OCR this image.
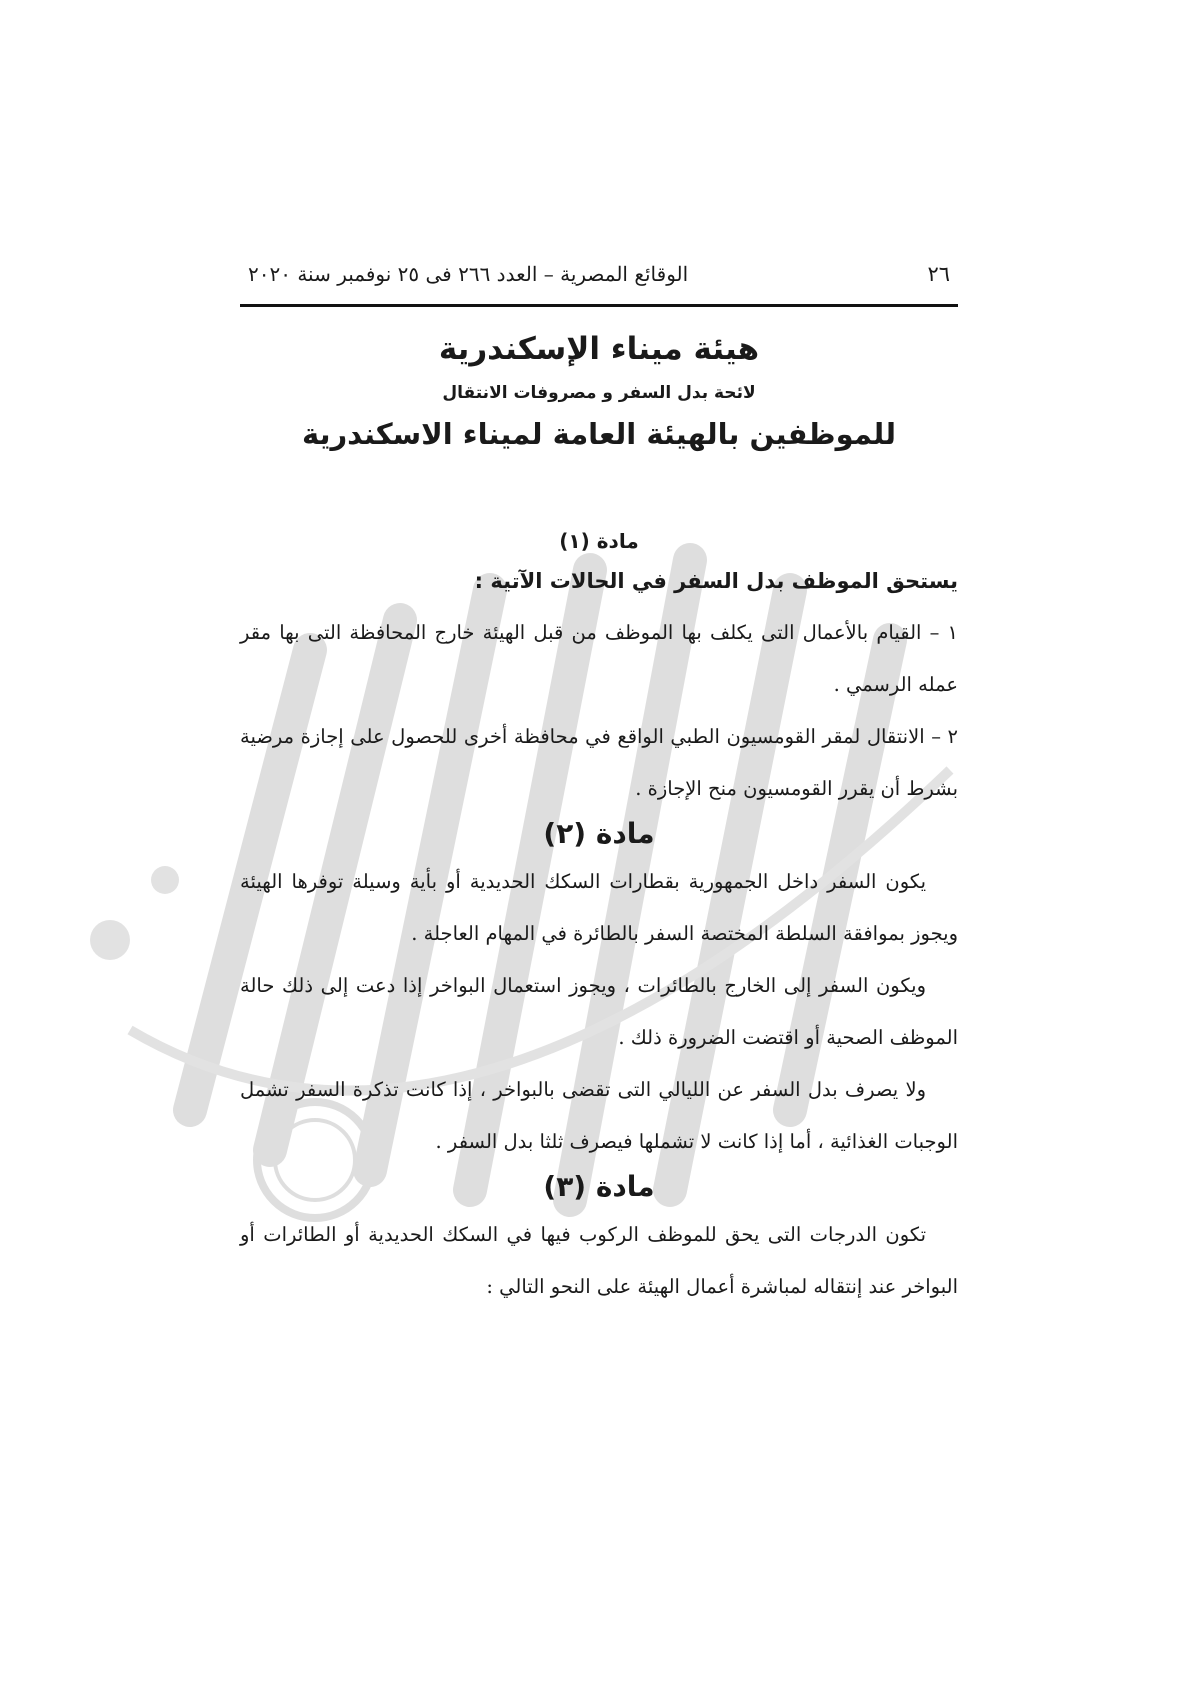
٢٦
الوقائع المصرية – العدد ٢٦٦ فى ٢٥ نوفمبر سنة ٢٠٢٠
هيئة ميناء الإسكندرية
لائحة بدل السفر و مصروفات الانتقال
للموظفين بالهيئة العامة لميناء الاسكندرية
مادة (١)
يستحق الموظف بدل السفر في الحالات الآتية :

١ – القيام بالأعمال التى يكلف بها الموظف من قبل الهيئة خارج المحافظة التى بها مقر عمله الرسمي .

٢ – الانتقال لمقر القومسيون الطبي الواقع في محافظة أخرى للحصول على إجازة مرضية بشرط أن يقرر القومسيون منح الإجازة .

مادة (٢)

يكون السفر داخل الجمهورية بقطارات السكك الحديدية أو بأية وسيلة توفرها الهيئة ويجوز بموافقة السلطة المختصة السفر بالطائرة في المهام العاجلة .

ويكون السفر إلى الخارج بالطائرات ، ويجوز استعمال البواخر إذا دعت إلى ذلك حالة الموظف الصحية أو اقتضت الضرورة ذلك .

ولا يصرف بدل السفر عن الليالي التى تقضى بالبواخر ، إذا كانت تذكرة السفر تشمل الوجبات الغذائية ، أما إذا كانت لا تشملها فيصرف ثلثا بدل السفر .

مادة (٣)

تكون الدرجات التى يحق للموظف الركوب فيها في السكك الحديدية أو الطائرات أو البواخر عند إنتقاله لمباشرة أعمال الهيئة على النحو التالي :
